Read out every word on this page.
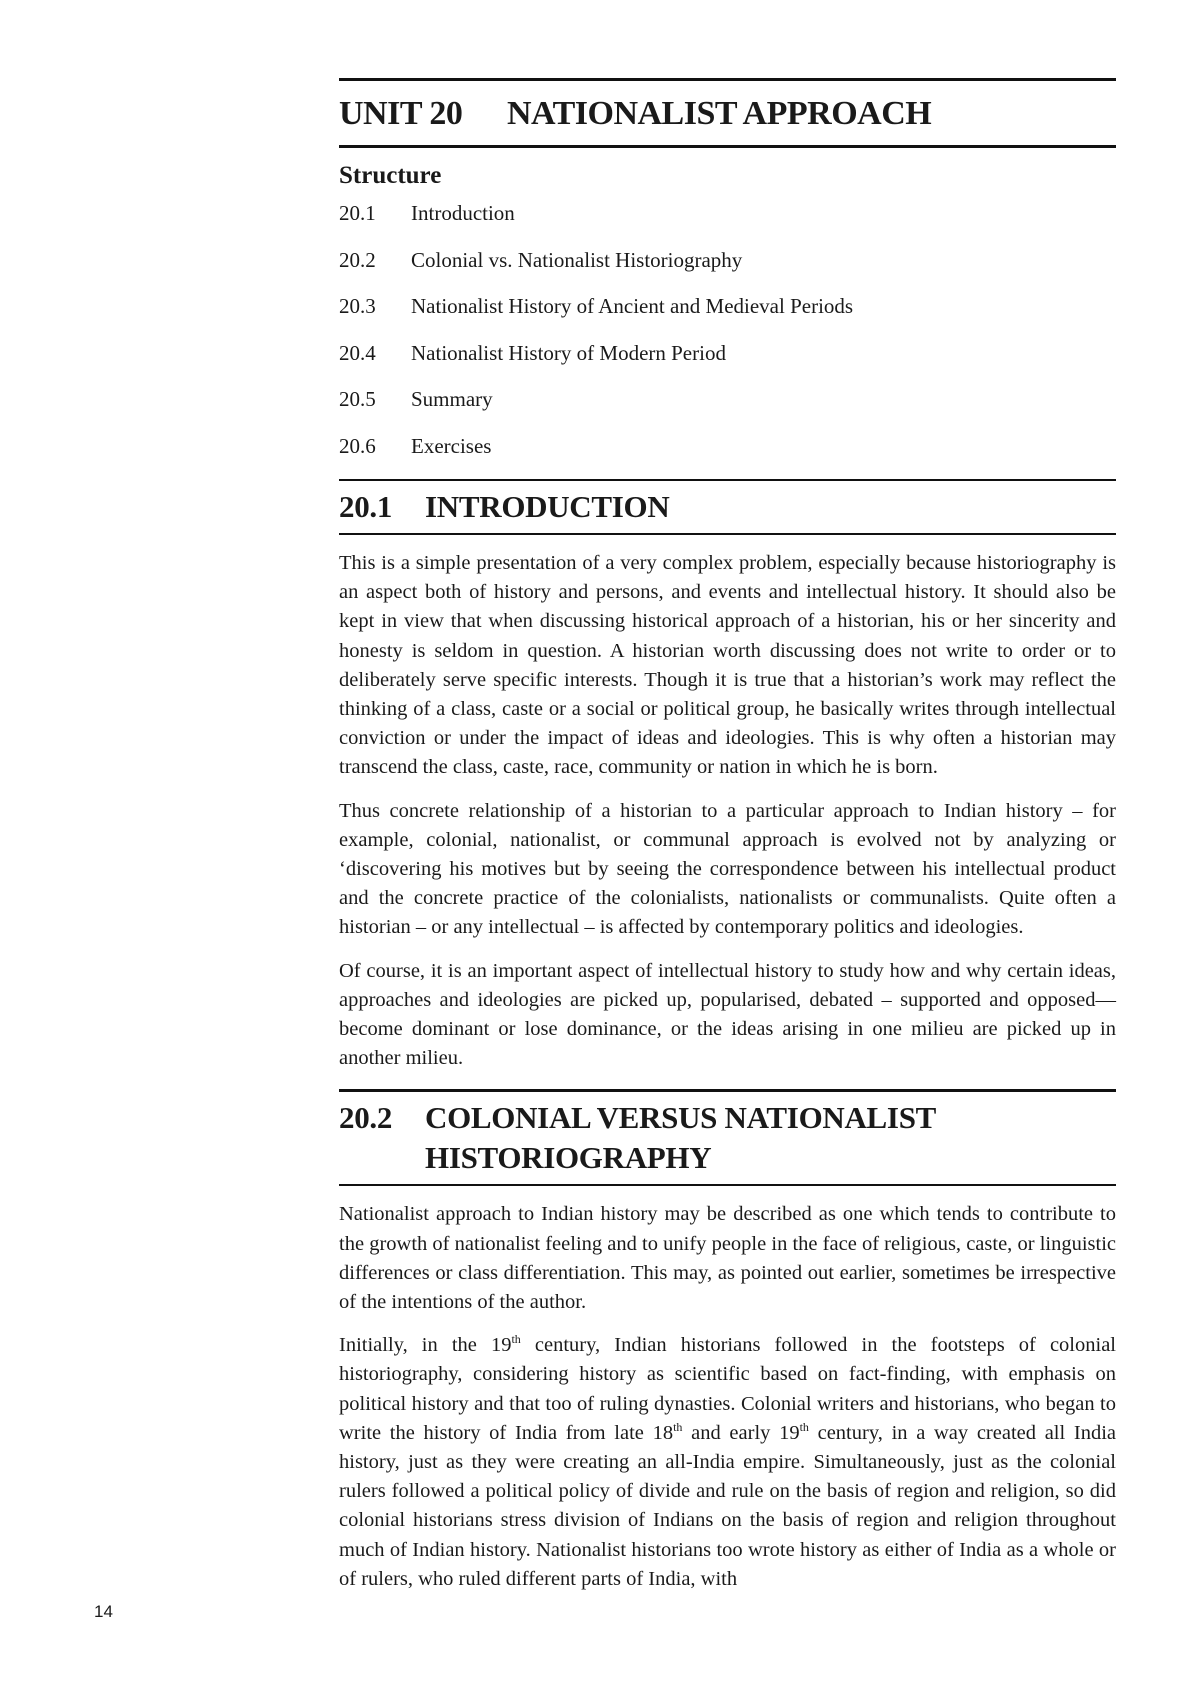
UNIT 20	NATIONALIST APPROACH
Structure
20.1	Introduction
20.2	Colonial vs. Nationalist Historiography
20.3	Nationalist History of Ancient and Medieval Periods
20.4	Nationalist History of Modern Period
20.5	Summary
20.6	Exercises
20.1	INTRODUCTION

This is a simple presentation of a very complex problem, especially because historiography is an aspect both of history and persons, and events and intellectual history. It should also be kept in view that when discussing historical approach of a historian, his or her sincerity and honesty is seldom in question. A historian worth discussing does not write to order or to deliberately serve specific interests. Though it is true that a historian’s work may reflect the thinking of a class, caste or a social or political group, he basically writes through intellectual conviction or under the impact of ideas and ideologies. This is why often a historian may transcend the class, caste, race, community or nation in which he is born.

Thus concrete relationship of a historian to a particular approach to Indian history – for example, colonial, nationalist, or communal approach is evolved not by analyzing or ‘discovering his motives but by seeing the correspondence between his intellectual product and the concrete practice of the colonialists, nationalists or communalists. Quite often a historian – or any intellectual – is affected by contemporary politics and ideologies.

Of course, it is an important aspect of intellectual history to study how and why certain ideas, approaches and ideologies are picked up, popularised, debated – supported and opposed—become dominant or lose dominance, or the ideas arising in one milieu are picked up in another milieu.

20.2	COLONIAL VERSUS NATIONALIST
HISTORIOGRAPHY

Nationalist approach to Indian history may be described as one which tends to contribute to the growth of nationalist feeling and to unify people in the face of religious, caste, or linguistic differences or class differentiation. This may, as pointed out earlier, sometimes be irrespective of the intentions of the author.

Initially, in the 19th century, Indian historians followed in the footsteps of colonial historiography, considering history as scientific based on fact-finding, with emphasis on political history and that too of ruling dynasties. Colonial writers and historians, who began to write the history of India from late 18th and early 19th century, in a way created all India history, just as they were creating an all-India empire. Simultaneously, just as the colonial rulers followed a political policy of divide and rule on the basis of region and religion, so did colonial historians stress division of Indians on the basis of region and religion throughout much of Indian history. Nationalist historians too wrote history as either of India as a whole or of rulers, who ruled different parts of India, with

14
